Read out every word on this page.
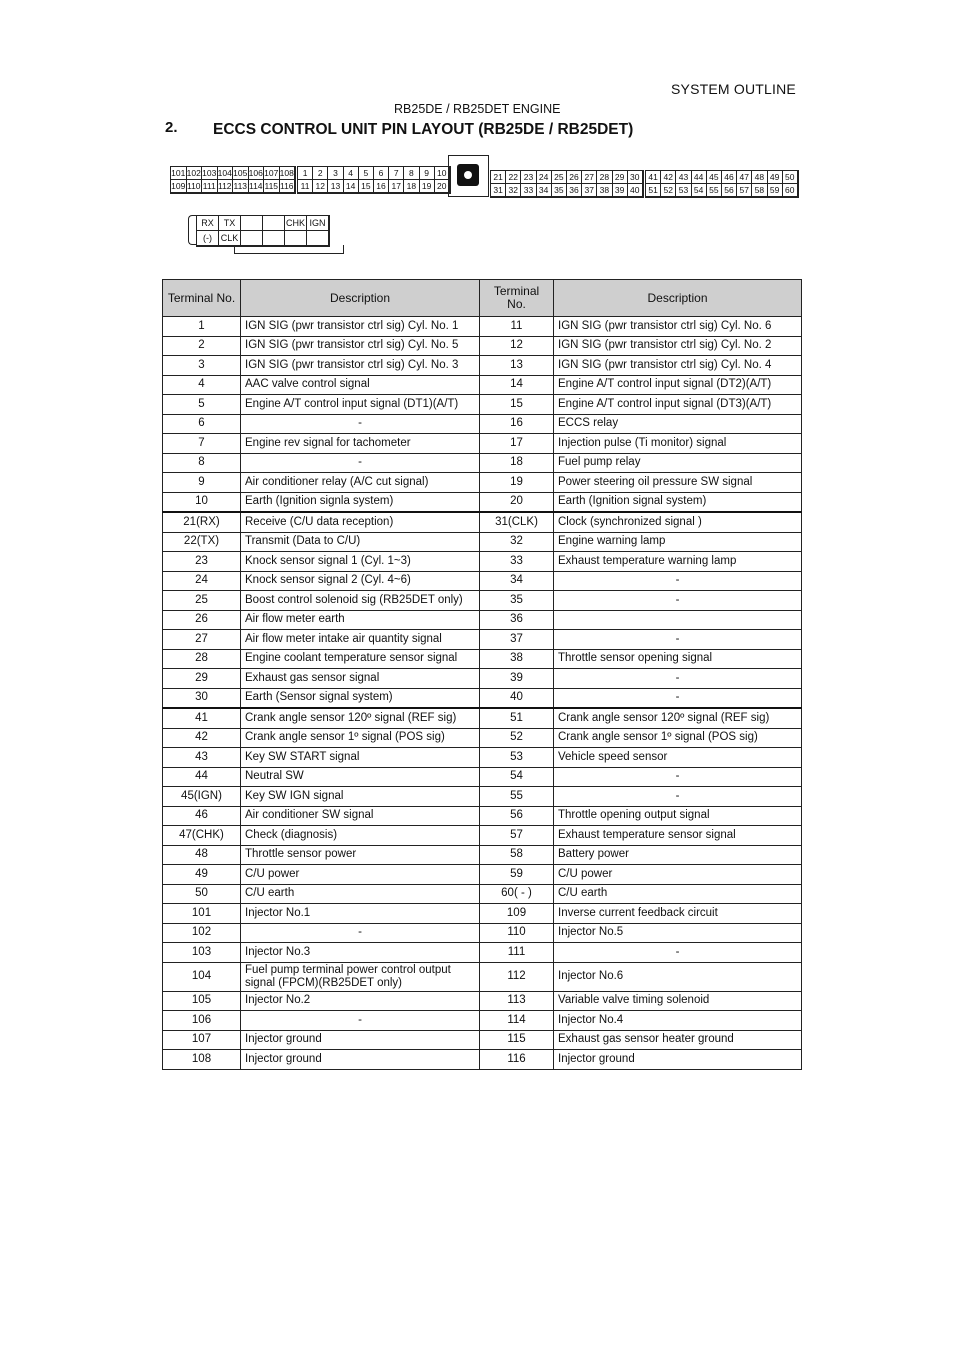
SYSTEM OUTLINE
RB25DE / RB25DET ENGINE
2. ECCS CONTROL UNIT PIN LAYOUT (RB25DE / RB25DET)
101 102 103 104 105 106 107 108
109 110 111 112 113 114 115 116
1	2	3	4	5	6	7	8	9 10
11 12 13 14 15 16 17 18 19 20
21 22 23 24 25 26 27 28 29 30
31 32 33 34 35 36 37 38 39 40
41 42 43 44 45 46 47 48 49 50
51 52 53 54 55 56 57 58 59 60
RX	TX	CHK IGN
(-) CLK
Terminal No.	Description	Terminal No.	Description
1	IGN SIG (pwr transistor ctrl sig) Cyl. No. 1	11	IGN SIG (pwr transistor ctrl sig) Cyl. No. 6
2	IGN SIG (pwr transistor ctrl sig) Cyl. No. 5	12	IGN SIG (pwr transistor ctrl sig) Cyl. No. 2
3	IGN SIG (pwr transistor ctrl sig) Cyl. No. 3	13	IGN SIG (pwr transistor ctrl sig) Cyl. No. 4
4	AAC valve control signal	14	Engine A/T control input signal (DT2)(A/T)
5	Engine A/T control input signal (DT1)(A/T)	15	Engine A/T control input signal (DT3)(A/T)
6	-	16	ECCS relay
7	Engine rev signal for tachometer	17	Injection pulse (Ti monitor) signal
8	-	18	Fuel pump relay
9	Air conditioner relay (A/C cut signal)	19	Power steering oil pressure SW signal
10	Earth (Ignition signla system)	20	Earth (Ignition signal system)
21(RX)	Receive (C/U data reception)	31(CLK)	Clock (synchronized signal )
22(TX)	Transmit (Data to C/U)	32	Engine warning lamp
23	Knock sensor signal 1 (Cyl. 1~3)	33	Exhaust temperature warning lamp
24	Knock sensor signal 2 (Cyl. 4~6)	34	-
25	Boost control solenoid sig (RB25DET only)	35	-
26	Air flow meter earth	36	
27	Air flow meter intake air quantity signal	37	-
28	Engine coolant temperature sensor signal	38	Throttle sensor opening signal
29	Exhaust gas sensor signal	39	-
30	Earth (Sensor signal system)	40	-
41	Crank angle sensor 120º signal (REF sig)	51	Crank angle sensor 120º signal (REF sig)
42	Crank angle sensor 1º signal (POS sig)	52	Crank angle sensor 1º signal (POS sig)
43	Key SW START signal	53	Vehicle speed sensor
44	Neutral SW	54	-
45(IGN)	Key SW IGN signal	55	-
46	Air conditioner SW signal	56	Throttle opening output signal
47(CHK)	Check (diagnosis)	57	Exhaust temperature sensor signal
48	Throttle sensor power	58	Battery power
49	C/U power	59	C/U power
50	C/U earth	60( - )	C/U earth
101	Injector No.1	109	Inverse current feedback circuit
102	-	110	Injector No.5
103	Injector No.3	111	-
104	Fuel pump terminal power control output signal (FPCM)(RB25DET only)	112	Injector No.6
105	Injector No.2	113	Variable valve timing solenoid
106	-	114	Injector No.4
107	Injector ground	115	Exhaust gas sensor heater ground
108	Injector ground	116	Injector ground
